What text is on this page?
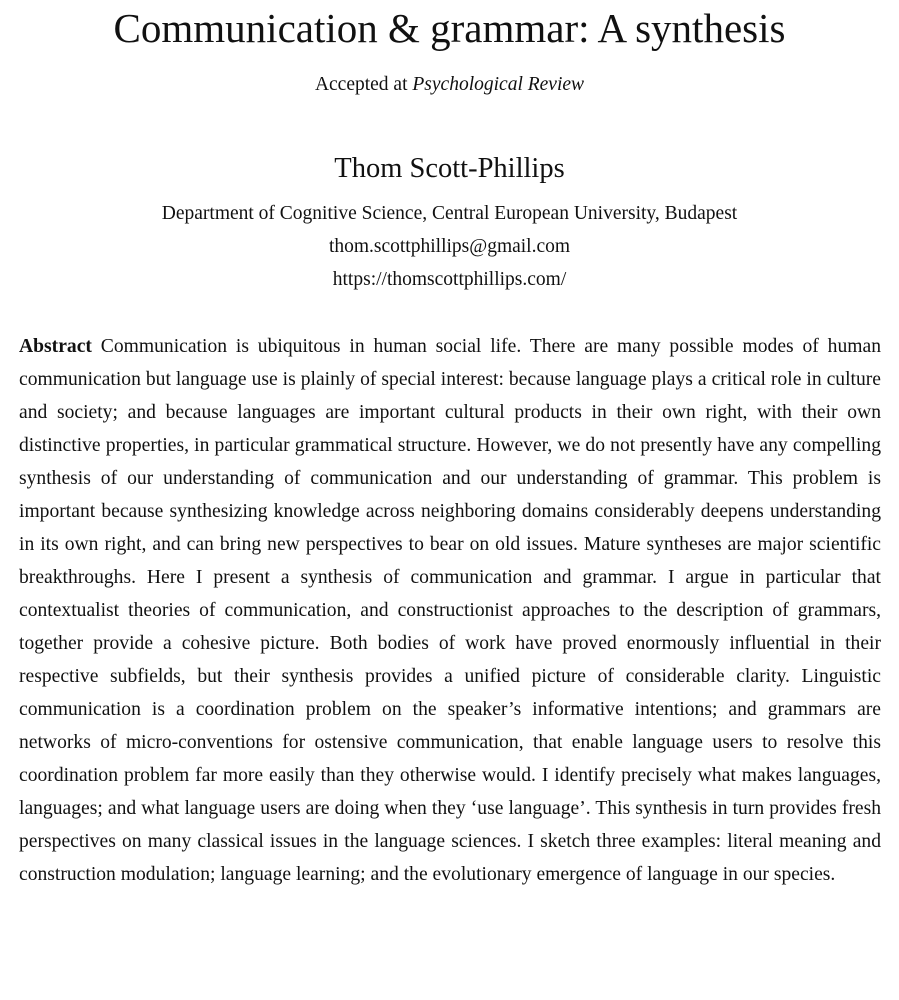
Communication & grammar: A synthesis
Accepted at Psychological Review
Thom Scott-Phillips
Department of Cognitive Science, Central European University, Budapest
thom.scottphillips@gmail.com
https://thomscottphillips.com/

Abstract Communication is ubiquitous in human social life. There are many possible modes of human communication but language use is plainly of special interest: because language plays a critical role in culture and society; and because languages are important cultural products in their own right, with their own distinctive properties, in particular grammatical structure. However, we do not presently have any compelling synthesis of our understanding of communication and our understanding of grammar. This problem is important because synthesizing knowledge across neighboring domains considerably deepens understanding in its own right, and can bring new perspectives to bear on old issues. Mature syntheses are major scientific breakthroughs. Here I present a synthesis of communication and grammar. I argue in particular that contextualist theories of communication, and constructionist approaches to the description of grammars, together provide a cohesive picture. Both bodies of work have proved enormously influential in their respective subfields, but their synthesis provides a unified picture of considerable clarity. Linguistic communication is a coordination problem on the speaker’s informative intentions; and grammars are networks of micro-conventions for ostensive communication, that enable language users to resolve this coordination problem far more easily than they otherwise would. I identify precisely what makes languages, languages; and what language users are doing when they ‘use language’. This synthesis in turn provides fresh perspectives on many classical issues in the language sciences. I sketch three examples: literal meaning and construction modulation; language learning; and the evolutionary emergence of language in our species.
